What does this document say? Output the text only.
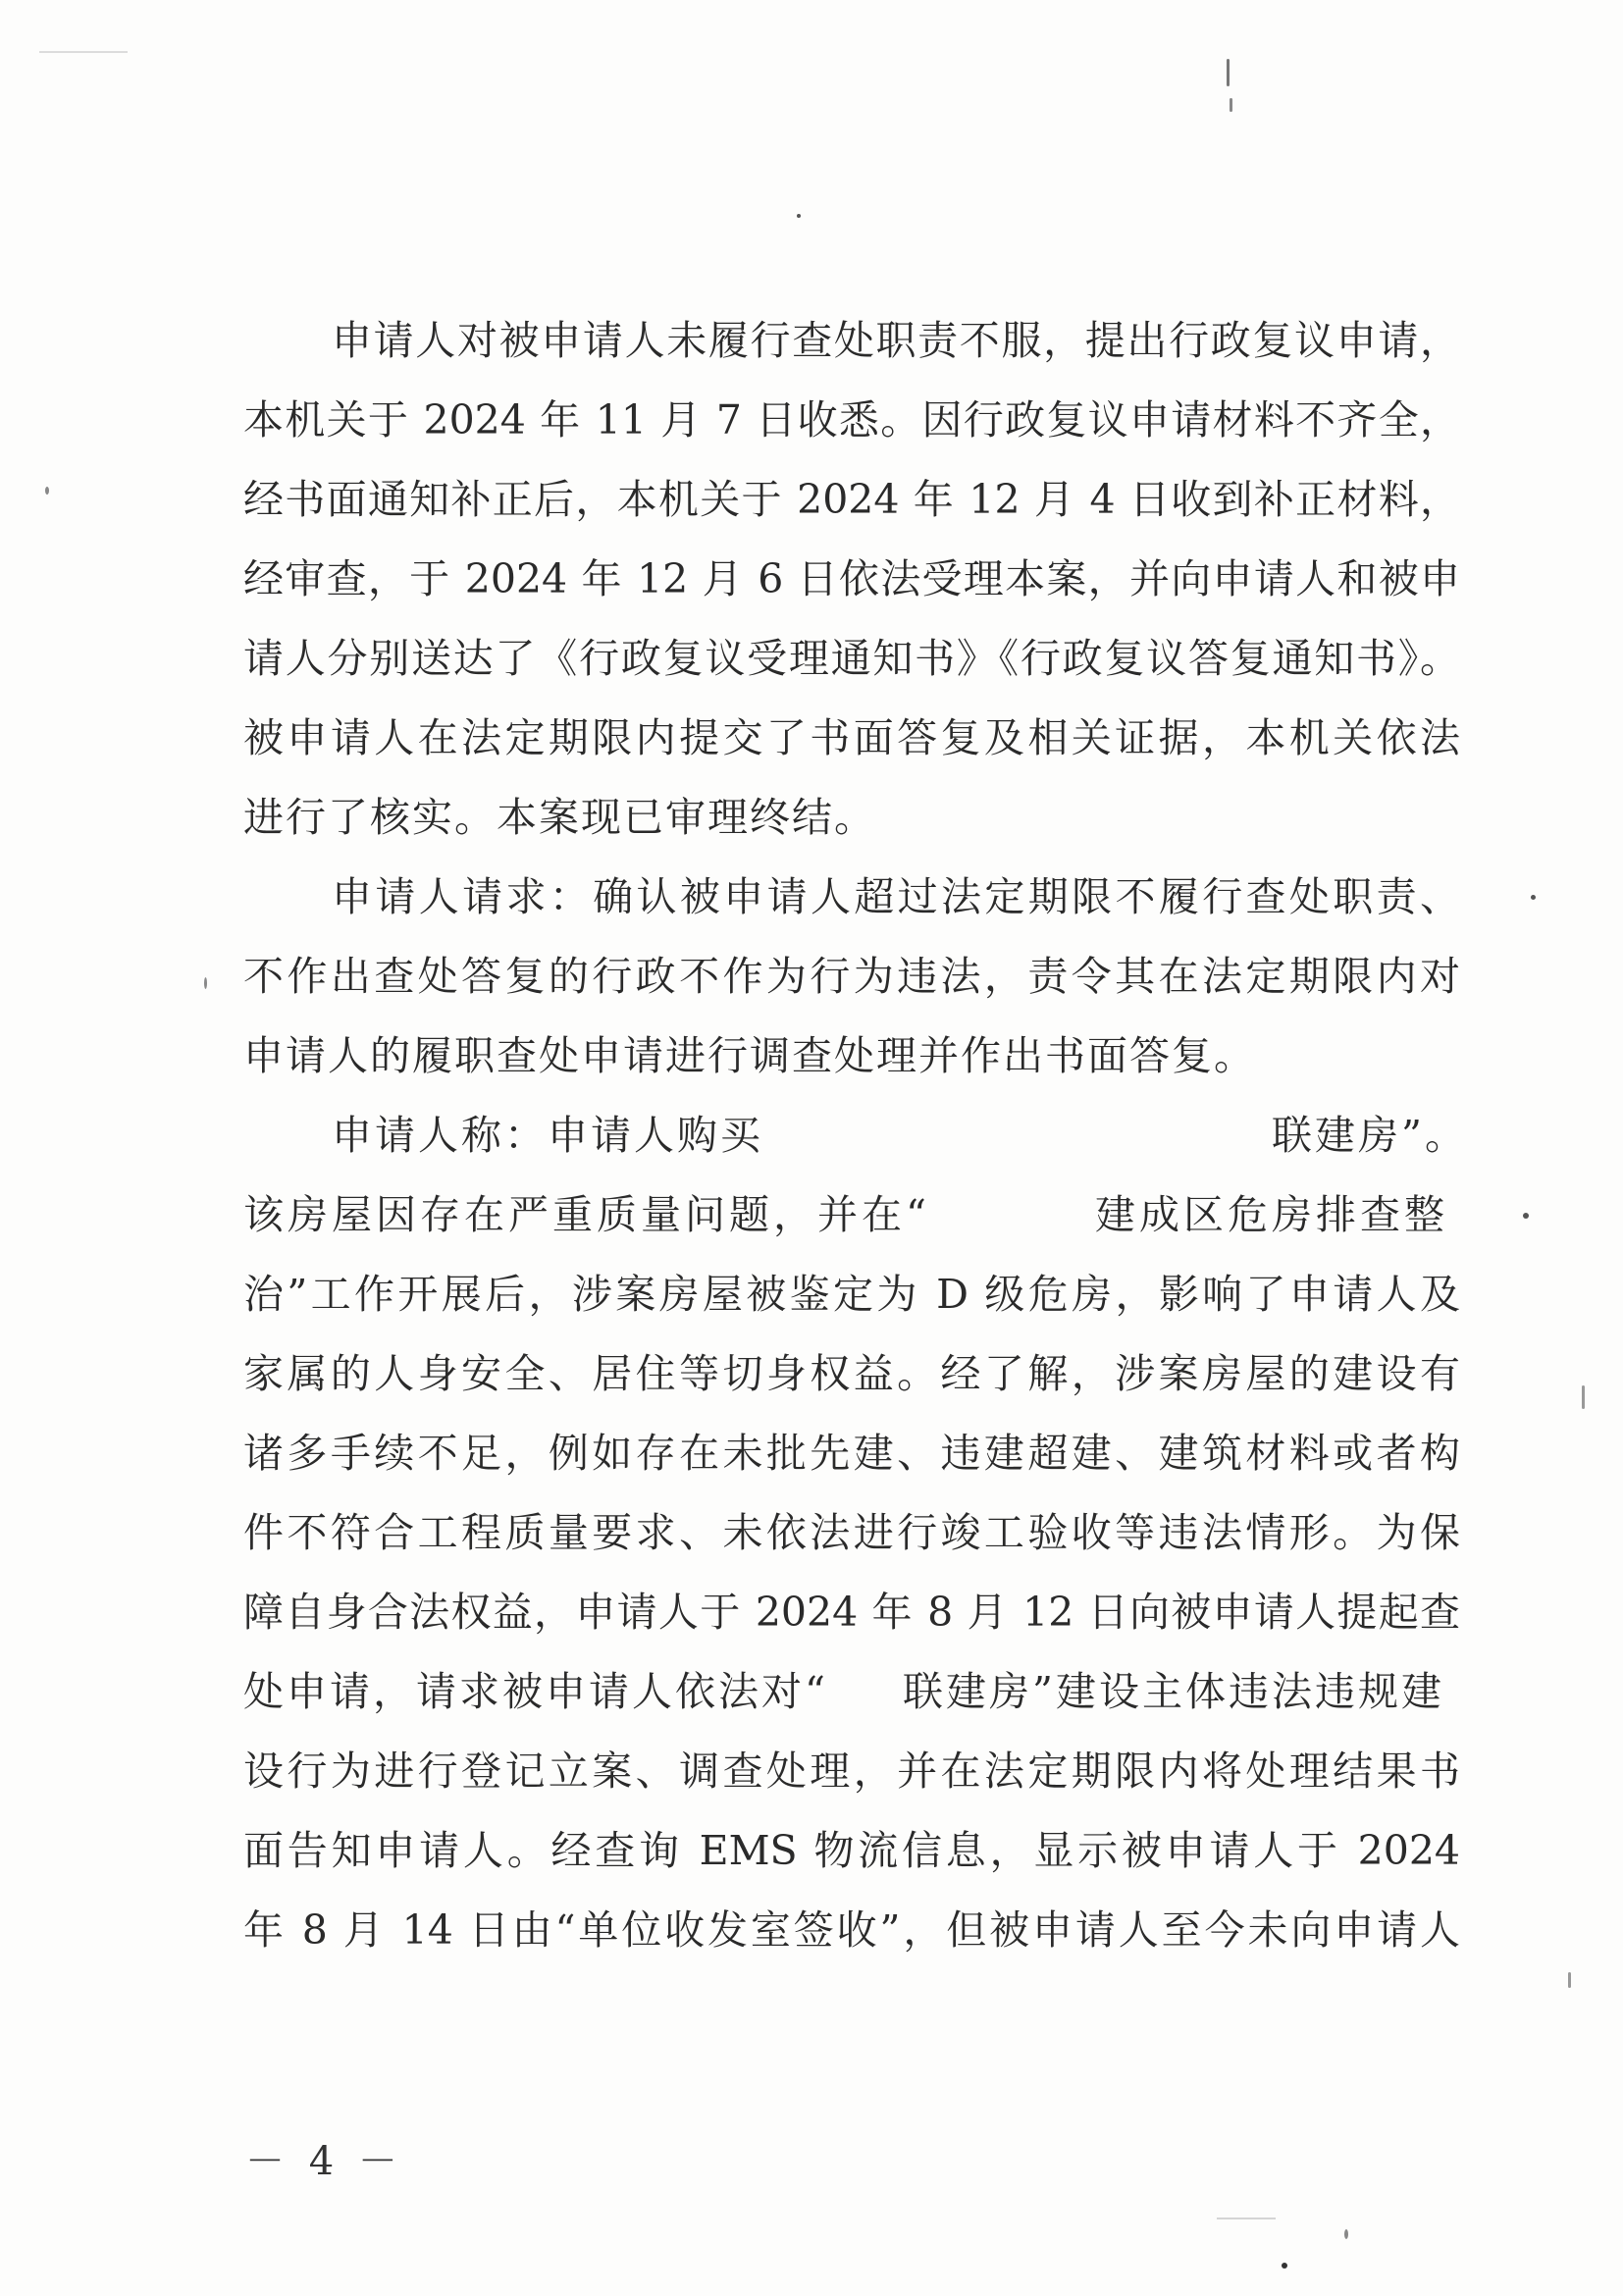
申请人对被申请人未履行查处职责不服，提出行政复议申请，
本机关于 2024 年 11 月 7 日收悉。因行政复议申请材料不齐全，
经书面通知补正后，本机关于 2024 年 12 月 4 日收到补正材料，
经审查，于 2024 年 12 月 6 日依法受理本案，并向申请人和被申
请人分别送达了《行政复议受理通知书》《行政复议答复通知书》。
被申请人在法定期限内提交了书面答复及相关证据，本机关依法
进行了核实。本案现已审理终结。
申请人请求：确认被申请人超过法定期限不履行查处职责、
不作出查处答复的行政不作为行为违法，责令其在法定期限内对
申请人的履职查处申请进行调查处理并作出书面答复。
申请人称：申请人购买	联建房”。
该房屋因存在严重质量问题，并在“	建成区危房排查整
治”工作开展后，涉案房屋被鉴定为 D 级危房，影响了申请人及
家属的人身安全、居住等切身权益。经了解，涉案房屋的建设有
诸多手续不足，例如存在未批先建、违建超建、建筑材料或者构
件不符合工程质量要求、未依法进行竣工验收等违法情形。为保
障自身合法权益，申请人于 2024 年 8 月 12 日向被申请人提起查
处申请，请求被申请人依法对“ 联建房”建设主体违法违规建
设行为进行登记立案、调查处理，并在法定期限内将处理结果书
面告知申请人。经查询 EMS 物流信息，显示被申请人于 2024
年 8 月 14 日由“单位收发室签收”，但被申请人至今未向申请人
－ 4 －
